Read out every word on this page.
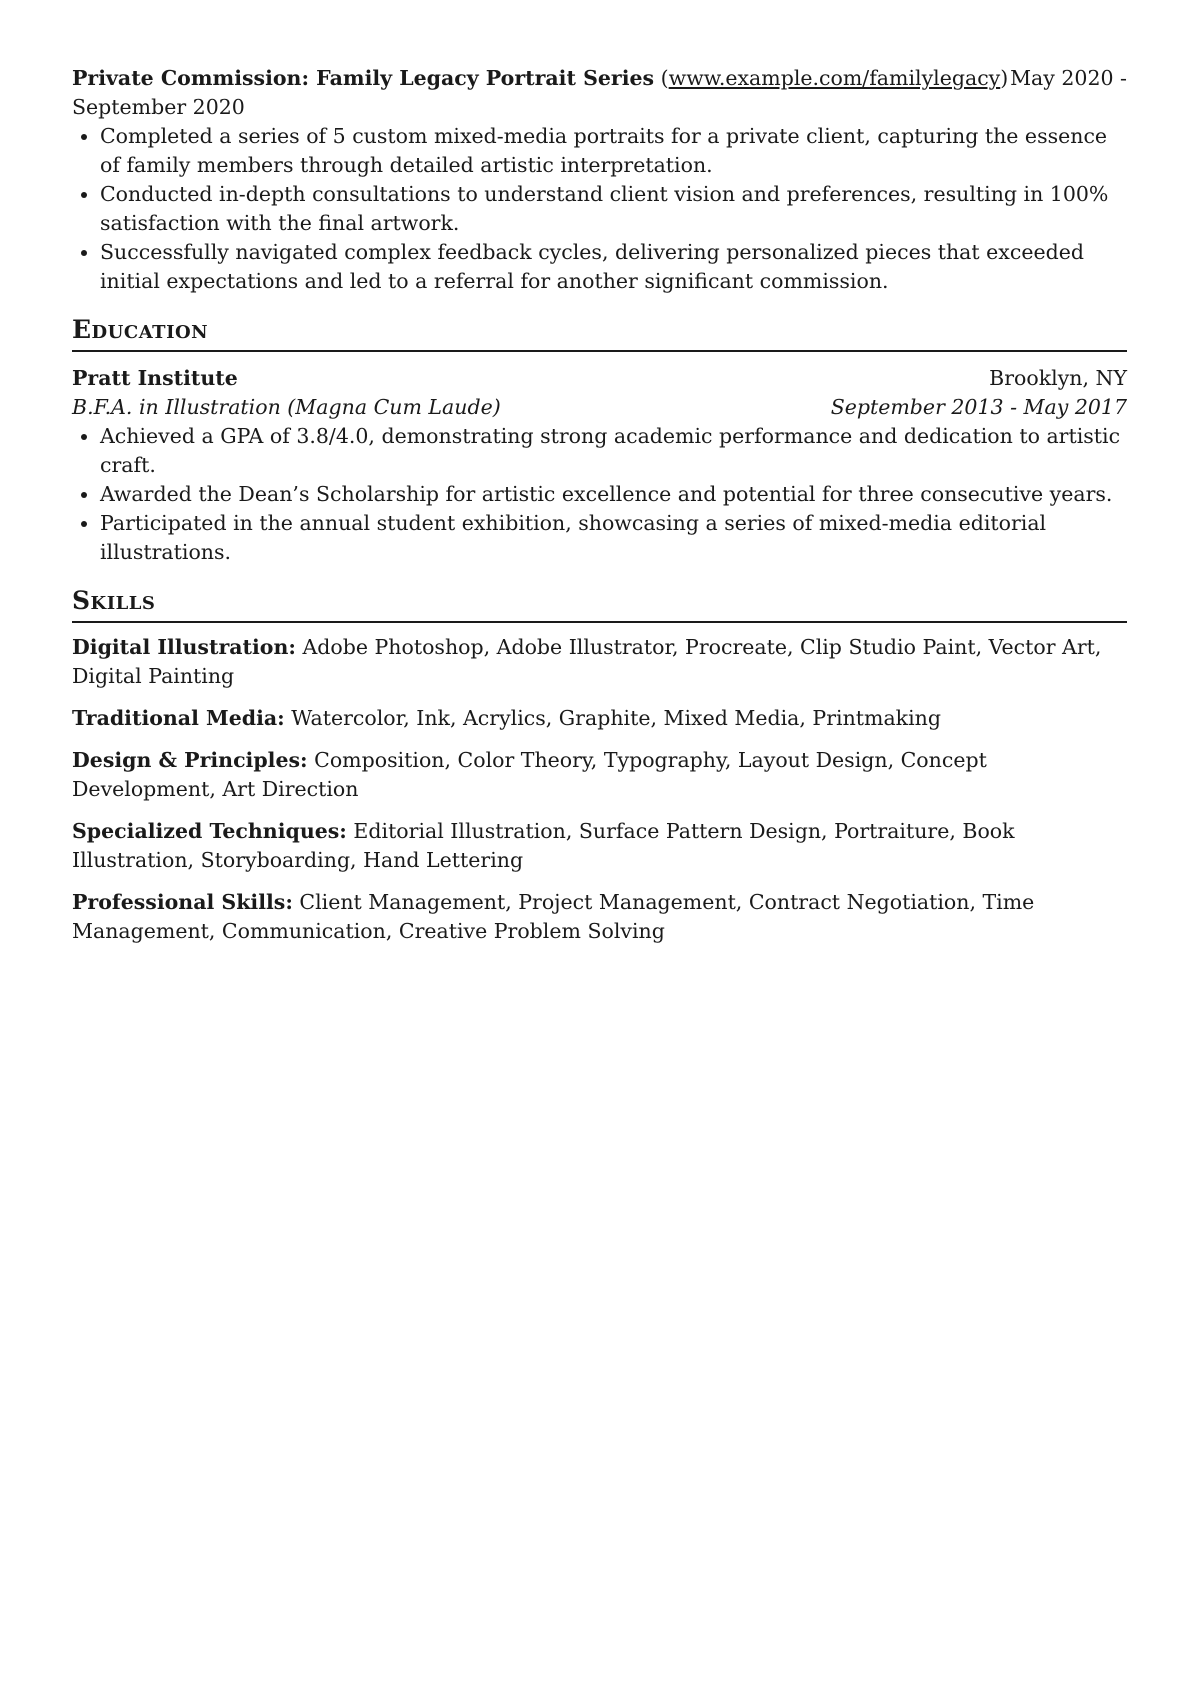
May 2020 -
Private Commission: Family Legacy Portrait Series (www.example.com/familylegacy)
September 2020
Completed a series of 5 custom mixed-media portraits for a private client, capturing the essence of family members through detailed artistic interpretation.
Conducted in-depth consultations to understand client vision and preferences, resulting in 100% satisfaction with the final artwork.
Successfully navigated complex feedback cycles, delivering personalized pieces that exceeded initial expectations and led to a referral for another significant commission.
Education
Pratt Institute	Brooklyn, NY
B.F.A. in Illustration (Magna Cum Laude)	September 2013 - May 2017
Achieved a GPA of 3.8/4.0, demonstrating strong academic performance and dedication to artistic craft.
Awarded the Dean’s Scholarship for artistic excellence and potential for three consecutive years.
Participated in the annual student exhibition, showcasing a series of mixed-media editorial illustrations.
Skills
Digital Illustration: Adobe Photoshop, Adobe Illustrator, Procreate, Clip Studio Paint, Vector Art, Digital Painting
Traditional Media: Watercolor, Ink, Acrylics, Graphite, Mixed Media, Printmaking
Design & Principles: Composition, Color Theory, Typography, Layout Design, Concept Development, Art Direction
Specialized Techniques: Editorial Illustration, Surface Pattern Design, Portraiture, Book Illustration, Storyboarding, Hand Lettering
Professional Skills: Client Management, Project Management, Contract Negotiation, Time Management, Communication, Creative Problem Solving
